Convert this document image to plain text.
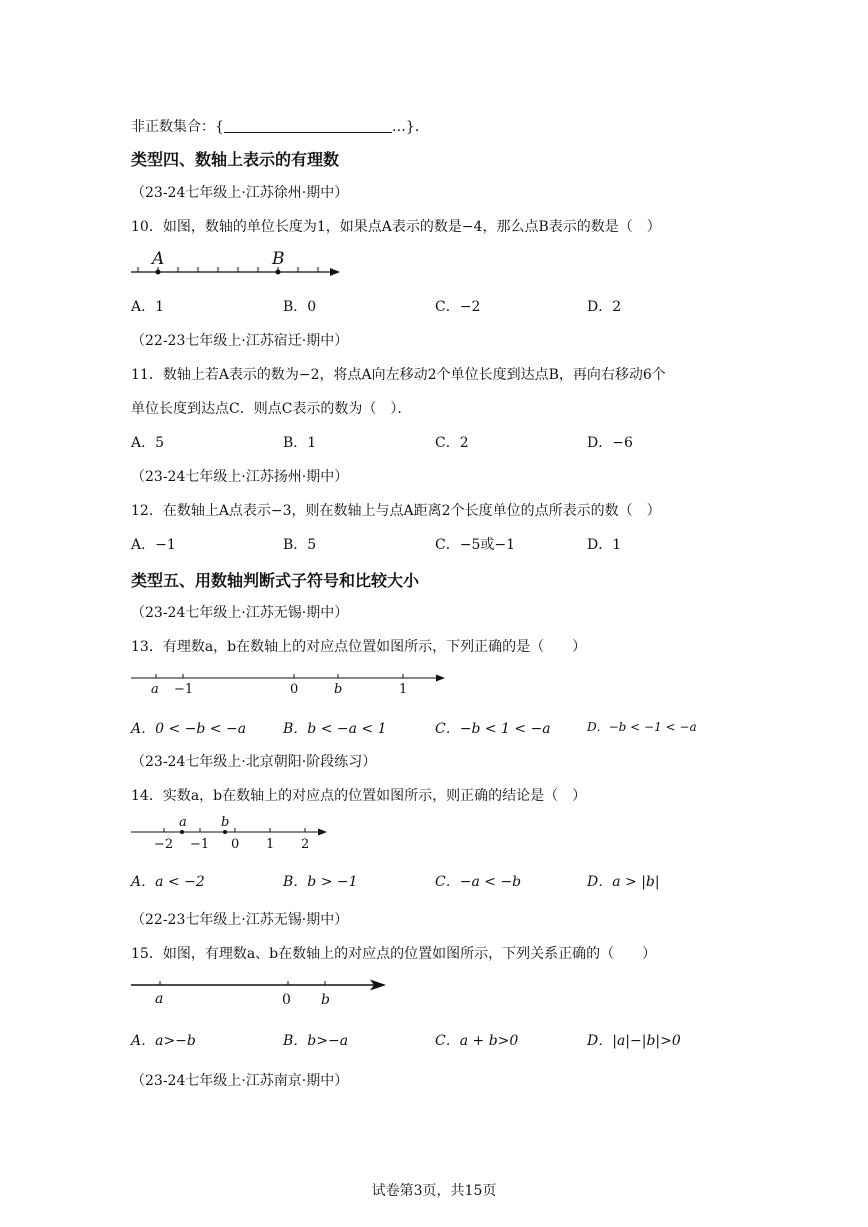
非正数集合：{	…}．
类型四、数轴上表示的有理数
（23-24七年级上·江苏徐州·期中）
10．如图，数轴的单位长度为1，如果点A表示的数是−4，那么点B表示的数是（　）
A	B
A．1	B．0	C．−2	D．2
（22-23七年级上·江苏宿迁·期中）
11．数轴上若A表示的数为−2，将点A向左移动2个单位长度到达点B，再向右移动6个
单位长度到达点C．则点C表示的数为（　）．
A．5	B．1	C．2	D．−6
（23-24七年级上·江苏扬州·期中）
12．在数轴上A点表示−3，则在数轴上与点A距离2个长度单位的点所表示的数（　）
A．−1	B．5	C．−5或−1	D．1
类型五、用数轴判断式子符号和比较大小
（23-24七年级上·江苏无锡·期中）
13．有理数a，b在数轴上的对应点位置如图所示，下列正确的是（　　）
a −1	0	b	1
A．0 < −b < −a	B．b < −a < 1	C．−b < 1 < −a	D．−b < −1 < −a
（23-24七年级上·北京朝阳·阶段练习）
14．实数a，b在数轴上的对应点的位置如图所示，则正确的结论是（　）
a	b
−2 −1 0 1 2
A．a < −2	B．b > −1	C．−a < −b	D．a > |b|
（22-23七年级上·江苏无锡·期中）
15．如图，有理数a、b在数轴上的对应点的位置如图所示，下列关系正确的（　　）
a	0 b
A．a>−b	B．b>−a	C．a + b>0	D．|a|−|b|>0
（23-24七年级上·江苏南京·期中）
试卷第3页，共15页
